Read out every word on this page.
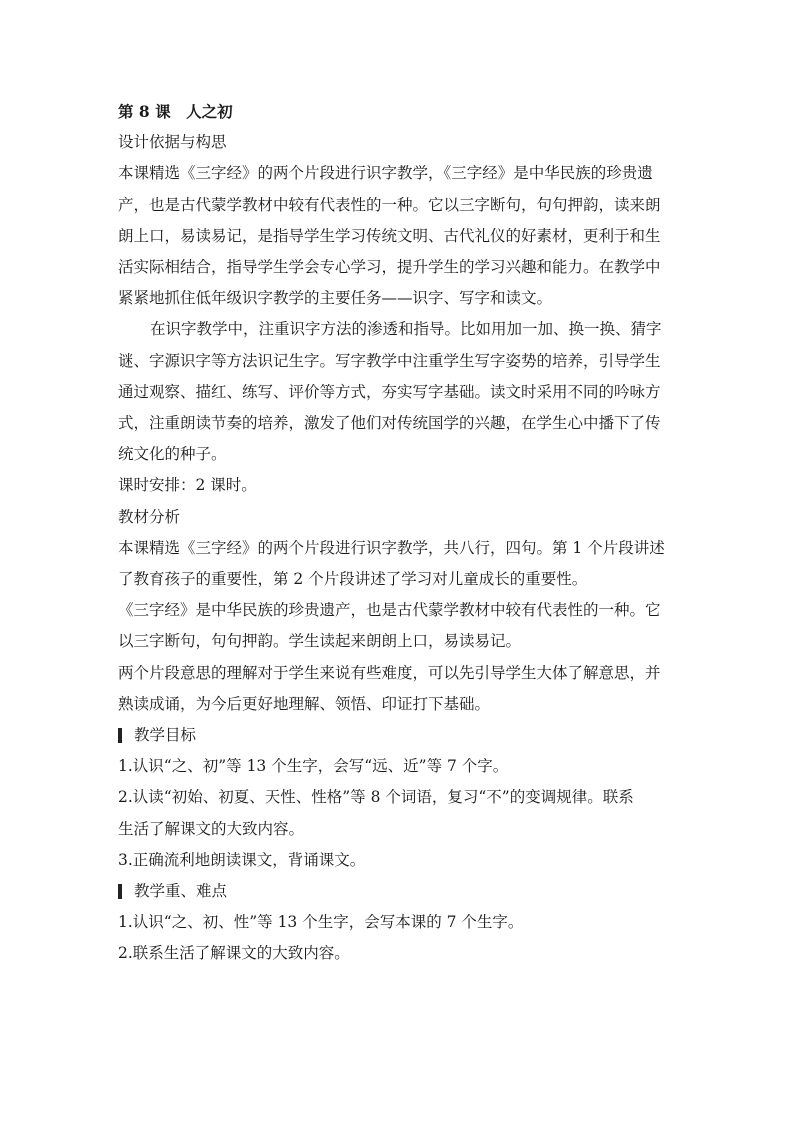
第 8 课　人之初

设计依据与构思

本课精选《三字经》的两个片段进行识字教学，《三字经》是中华民族的珍贵遗

产，也是古代蒙学教材中较有代表性的一种。它以三字断句，句句押韵，读来朗

朗上口，易读易记，是指导学生学习传统文明、古代礼仪的好素材，更利于和生

活实际相结合，指导学生学会专心学习，提升学生的学习兴趣和能力。在教学中

紧紧地抓住低年级识字教学的主要任务——识字、写字和读文。

在识字教学中，注重识字方法的渗透和指导。比如用加一加、换一换、猜字

谜、字源识字等方法识记生字。写字教学中注重学生写字姿势的培养，引导学生

通过观察、描红、练写、评价等方式，夯实写字基础。读文时采用不同的吟咏方

式，注重朗读节奏的培养，激发了他们对传统国学的兴趣，在学生心中播下了传

统文化的种子。

课时安排：2 课时。

教材分析

本课精选《三字经》的两个片段进行识字教学，共八行，四句。第 1 个片段讲述

了教育孩子的重要性，第 2 个片段讲述了学习对儿童成长的重要性。

《三字经》是中华民族的珍贵遗产，也是古代蒙学教材中较有代表性的一种。它

以三字断句，句句押韵。学生读起来朗朗上口，易读易记。

两个片段意思的理解对于学生来说有些难度，可以先引导学生大体了解意思，并

熟读成诵，为今后更好地理解、领悟、印证打下基础。

教学目标

1.认识“之、初”等 13 个生字，会写“远、近”等 7 个字。

2.认读“初始、初夏、天性、性格”等 8 个词语，复习“不”的变调规律。联系

生活了解课文的大致内容。

3.正确流利地朗读课文，背诵课文。

教学重、难点

1.认识“之、初、性”等 13 个生字，会写本课的 7 个生字。

2.联系生活了解课文的大致内容。
